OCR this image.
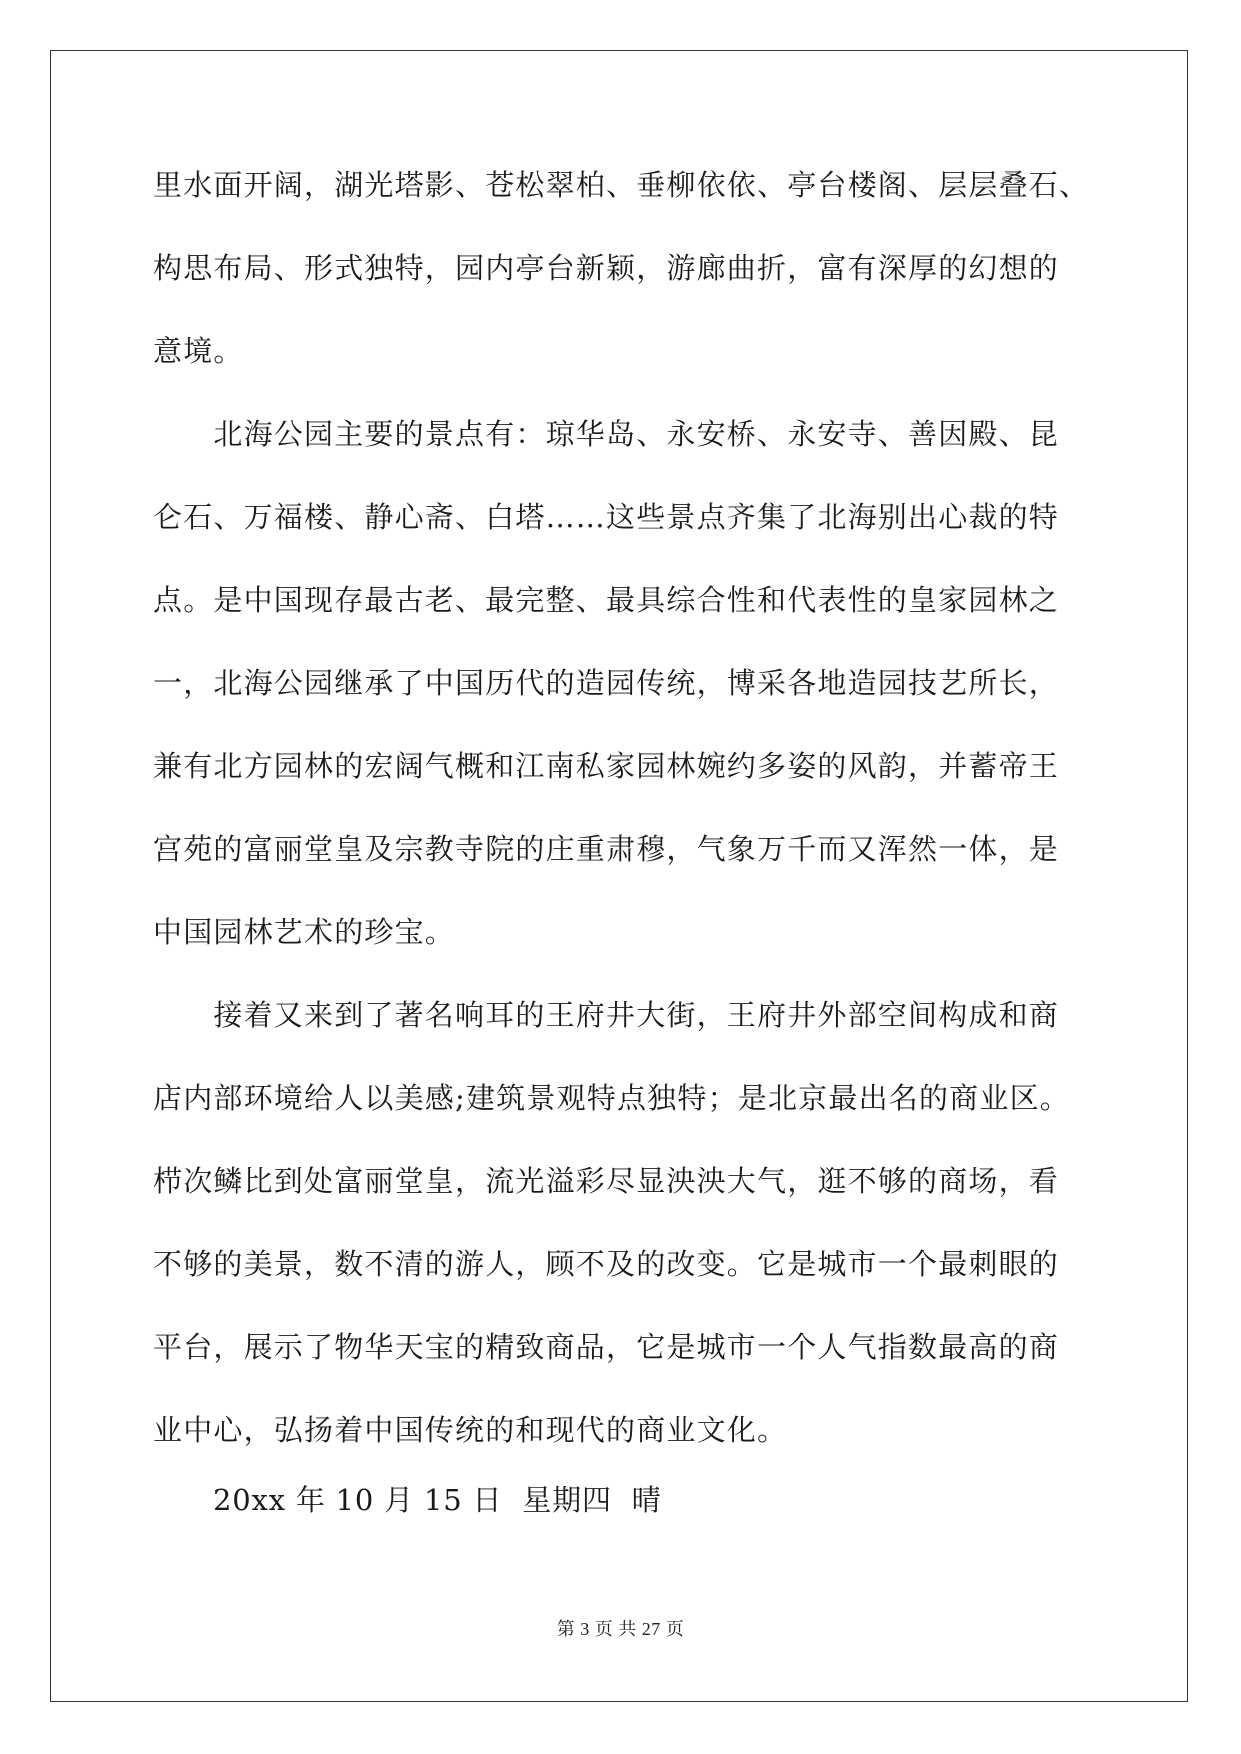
里水面开阔，湖光塔影、苍松翠柏、垂柳依依、亭台楼阁、层层叠石、
构思布局、形式独特，园内亭台新颖，游廊曲折，富有深厚的幻想的
意境。
　　北海公园主要的景点有：琼华岛、永安桥、永安寺、善因殿、昆
仑石、万福楼、静心斋、白塔……这些景点齐集了北海别出心裁的特
点。是中国现存最古老、最完整、最具综合性和代表性的皇家园林之
一，北海公园继承了中国历代的造园传统，博采各地造园技艺所长，
兼有北方园林的宏阔气概和江南私家园林婉约多姿的风韵，并蓄帝王
宫苑的富丽堂皇及宗教寺院的庄重肃穆，气象万千而又浑然一体，是
中国园林艺术的珍宝。
　　接着又来到了著名响耳的王府井大街，王府井外部空间构成和商
店内部环境给人以美感;建筑景观特点独特；是北京最出名的商业区。
栉次鳞比到处富丽堂皇，流光溢彩尽显泱泱大气，逛不够的商场，看
不够的美景，数不清的游人，顾不及的改变。它是城市一个最刺眼的
平台，展示了物华天宝的精致商品，它是城市一个人气指数最高的商
业中心，弘扬着中国传统的和现代的商业文化。
20xx 年 10 月 15 日  星期四  晴
第 3 页 共 27 页
